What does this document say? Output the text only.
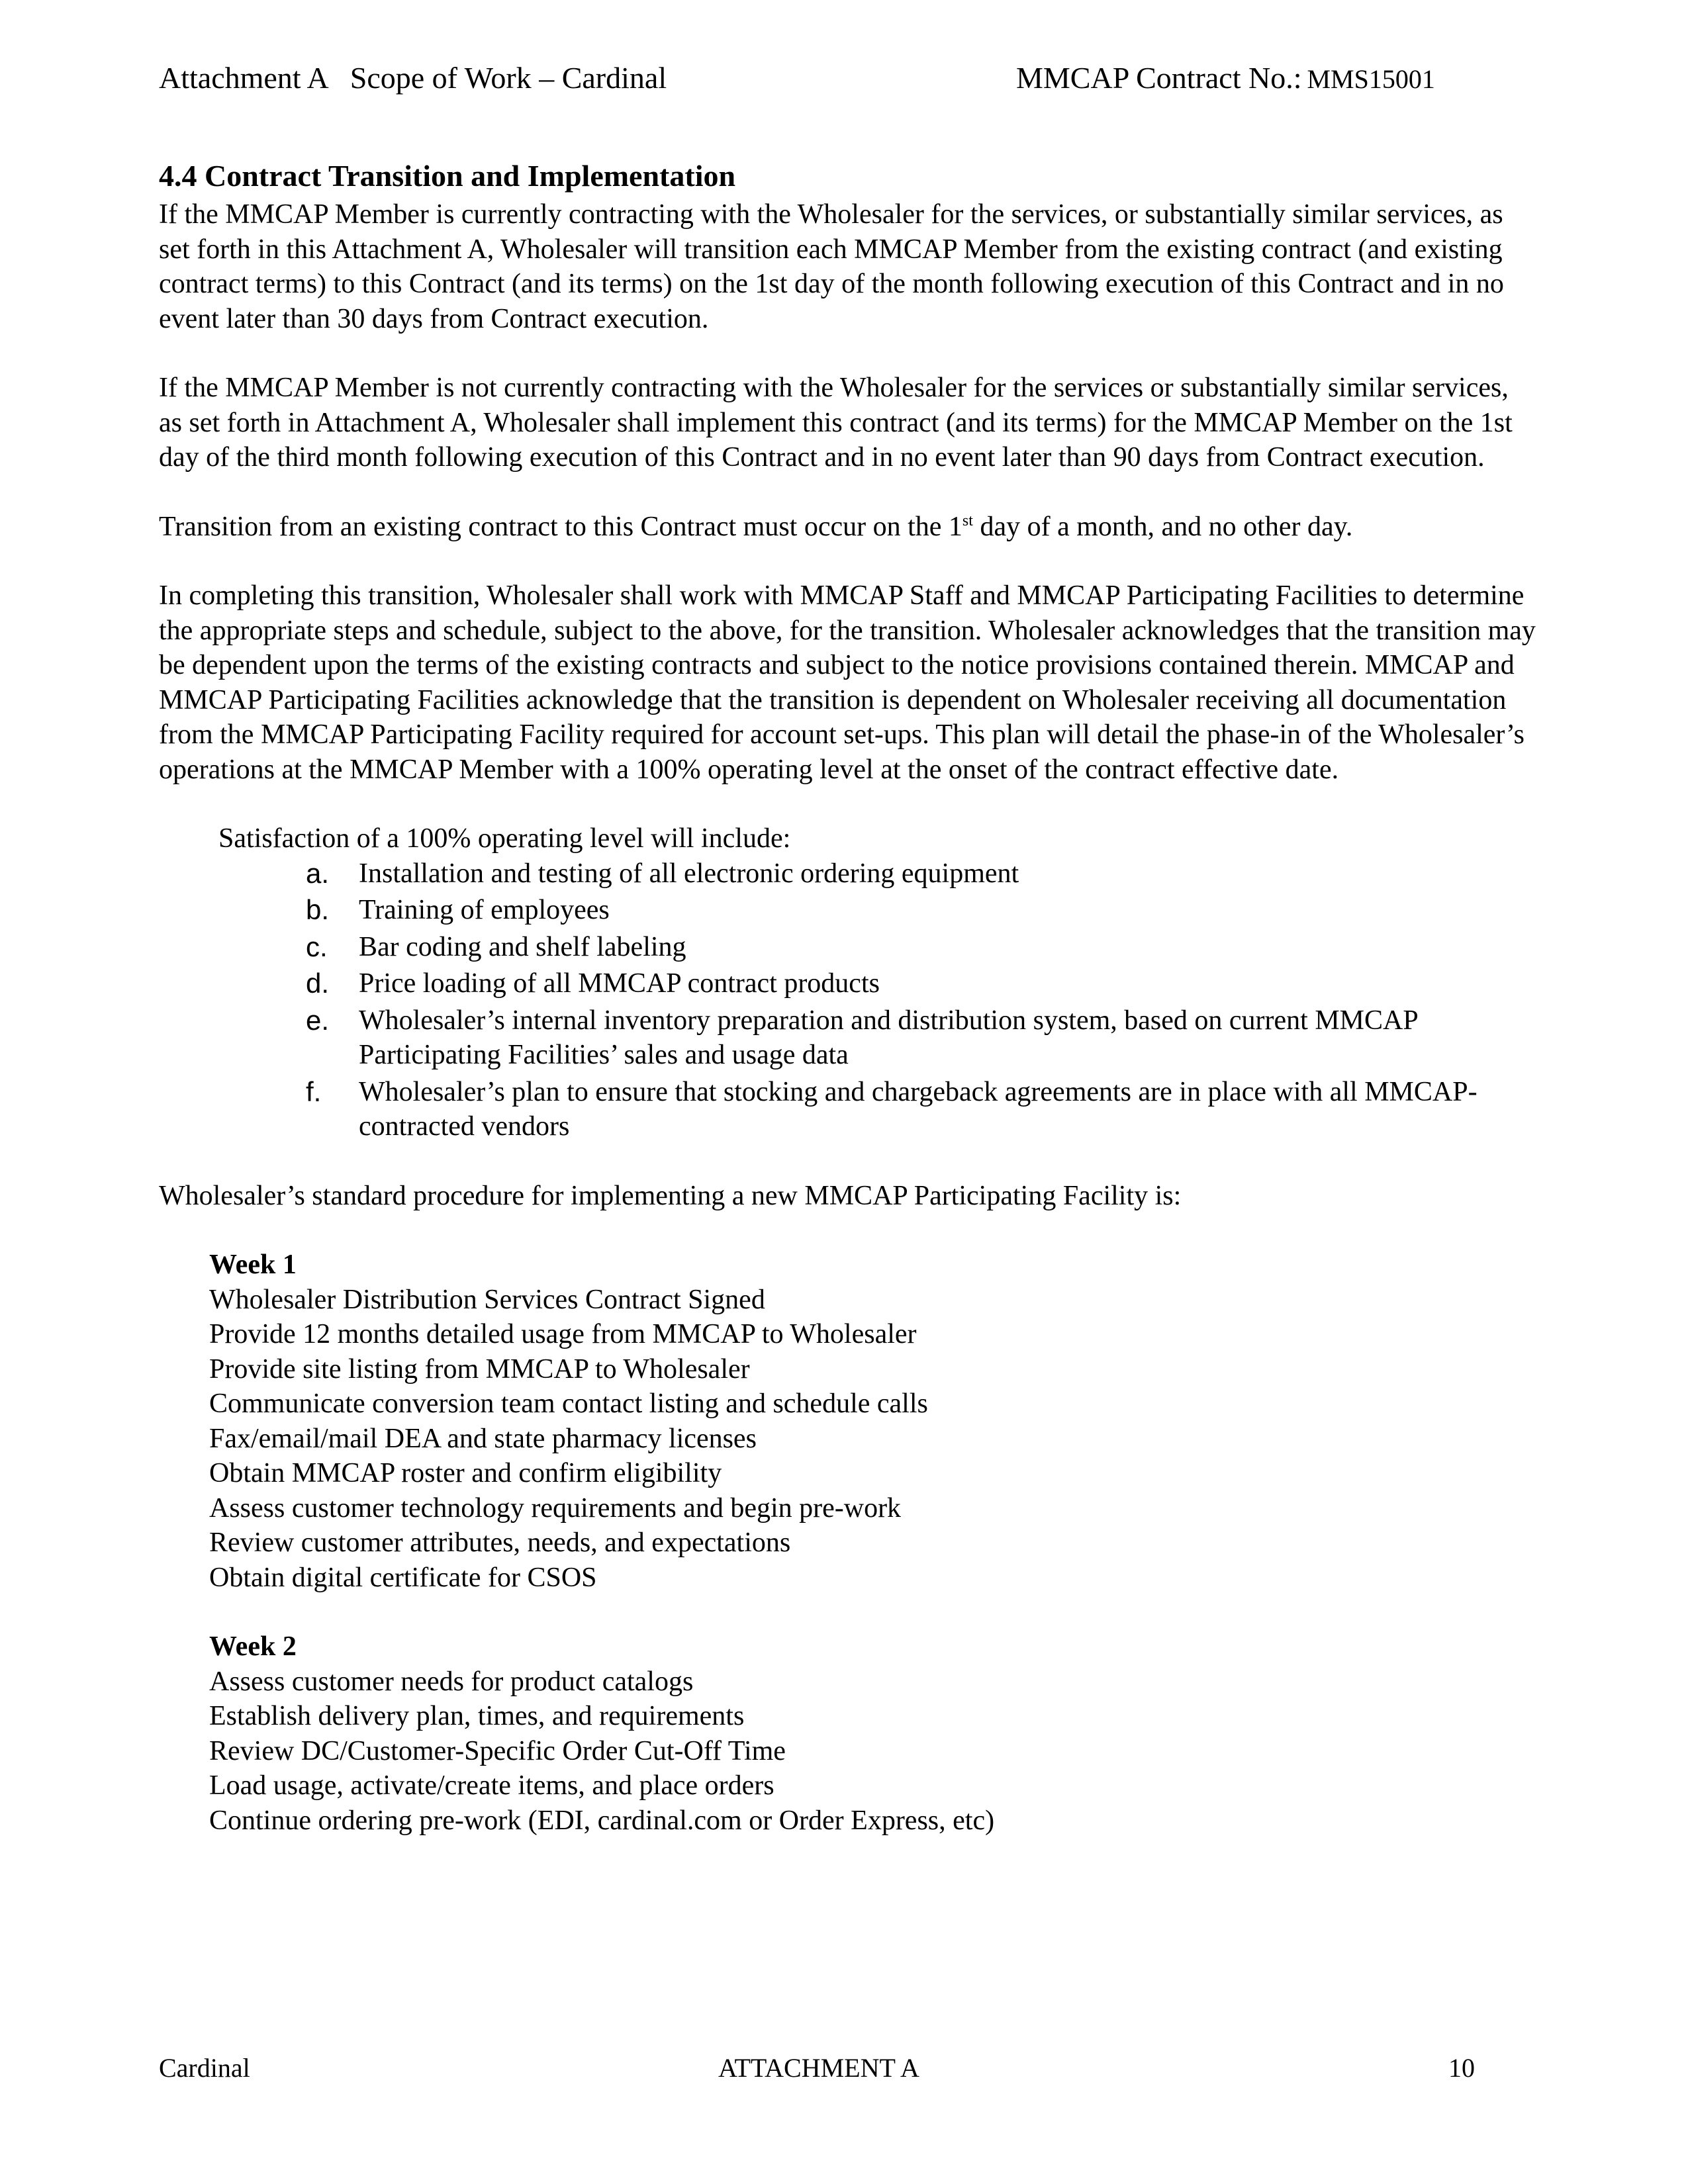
Attachment A Scope of Work – Cardinal	MMCAP Contract No.: MMS15001
4.4 Contract Transition and Implementation

If the MMCAP Member is currently contracting with the Wholesaler for the services, or substantially similar services, as set forth in this Attachment A, Wholesaler will transition each MMCAP Member from the existing contract (and existing contract terms) to this Contract (and its terms) on the 1st day of the month following execution of this Contract and in no event later than 30 days from Contract execution.

If the MMCAP Member is not currently contracting with the Wholesaler for the services or substantially similar services, as set forth in Attachment A, Wholesaler shall implement this contract (and its terms) for the MMCAP Member on the 1st day of the third month following execution of this Contract and in no event later than 90 days from Contract execution.

Transition from an existing contract to this Contract must occur on the 1st day of a month, and no other day.

In completing this transition, Wholesaler shall work with MMCAP Staff and MMCAP Participating Facilities to determine the appropriate steps and schedule, subject to the above, for the transition. Wholesaler acknowledges that the transition may be dependent upon the terms of the existing contracts and subject to the notice provisions contained therein. MMCAP and MMCAP Participating Facilities acknowledge that the transition is dependent on Wholesaler receiving all documentation from the MMCAP Participating Facility required for account set-ups. This plan will detail the phase-in of the Wholesaler’s operations at the MMCAP Member with a 100% operating level at the onset of the contract effective date.

Satisfaction of a 100% operating level will include:

a.	Installation and testing of all electronic ordering equipment
b.	Training of employees
c.	Bar coding and shelf labeling
d.	Price loading of all MMCAP contract products
e.	Wholesaler’s internal inventory preparation and distribution system, based on current MMCAP Participating Facilities’ sales and usage data
f.	Wholesaler’s plan to ensure that stocking and chargeback agreements are in place with all MMCAP-contracted vendors

Wholesaler’s standard procedure for implementing a new MMCAP Participating Facility is:

Week 1
Wholesaler Distribution Services Contract Signed
Provide 12 months detailed usage from MMCAP to Wholesaler
Provide site listing from MMCAP to Wholesaler
Communicate conversion team contact listing and schedule calls
Fax/email/mail DEA and state pharmacy licenses
Obtain MMCAP roster and confirm eligibility
Assess customer technology requirements and begin pre-work
Review customer attributes, needs, and expectations
Obtain digital certificate for CSOS
Week 2
Assess customer needs for product catalogs
Establish delivery plan, times, and requirements
Review DC/Customer-Specific Order Cut-Off Time
Load usage, activate/create items, and place orders
Continue ordering pre-work (EDI, cardinal.com or Order Express, etc)
Cardinal	ATTACHMENT A	10
